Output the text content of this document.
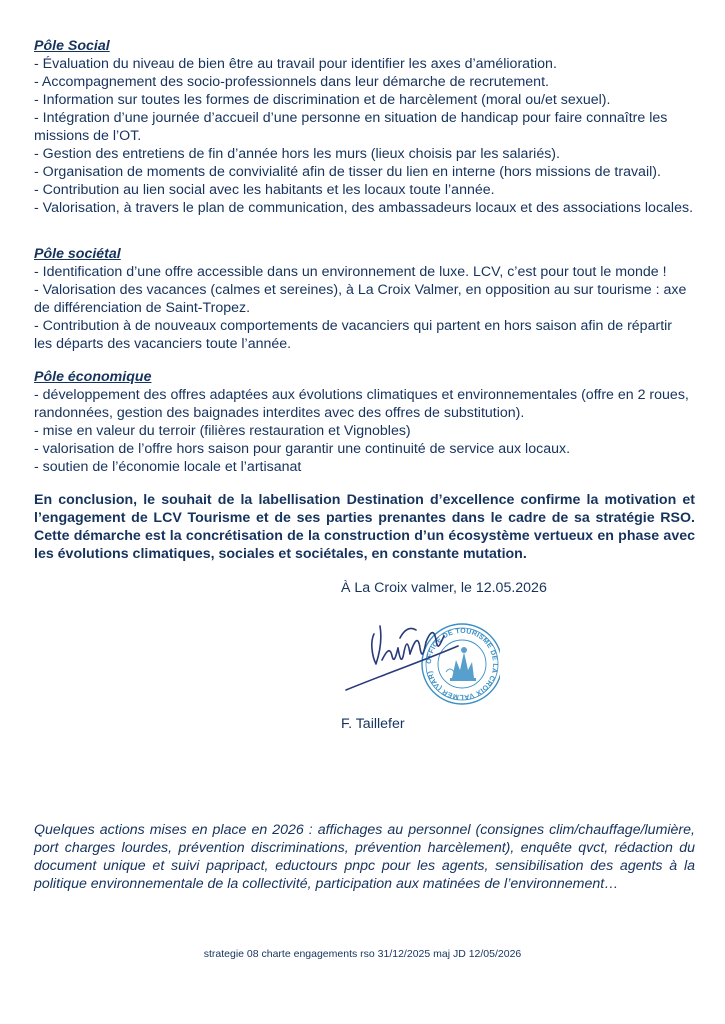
Pôle Social

- Évaluation du niveau de bien être au travail pour identifier les axes d’amélioration.

- Accompagnement des socio-professionnels dans leur démarche de recrutement.

- Information sur toutes les formes de discrimination et de harcèlement (moral ou/et sexuel).

- Intégration d’une journée d’accueil d’une personne en situation de handicap pour faire connaître les missions de l’OT.

- Gestion des entretiens de fin d’année hors les murs (lieux choisis par les salariés).

- Organisation de moments de convivialité afin de tisser du lien en interne (hors missions de travail).

- Contribution au lien social avec les habitants et les locaux toute l’année.

- Valorisation, à travers le plan de communication, des ambassadeurs locaux et des associations locales.

Pôle sociétal

- Identification d’une offre accessible dans un environnement de luxe. LCV, c’est pour tout le monde !

- Valorisation des vacances (calmes et sereines), à La Croix Valmer, en opposition au sur tourisme : axe de différenciation de Saint-Tropez.

- Contribution à de nouveaux comportements de vacanciers qui partent en hors saison afin de répartir les départs des vacanciers toute l’année.

Pôle économique

- développement des offres adaptées aux évolutions climatiques et environnementales (offre en 2 roues, randonnées, gestion des baignades interdites avec des offres de substitution).

- mise en valeur du terroir (filières restauration et Vignobles)

- valorisation de l’offre hors saison pour garantir une continuité de service aux locaux.

- soutien de l’économie locale et l’artisanat

En conclusion, le souhait de la labellisation Destination d’excellence confirme la motivation et l’engagement de LCV Tourisme et de ses parties prenantes dans le cadre de sa stratégie RSO. Cette démarche est la concrétisation de la construction d’un écosystème vertueux en phase avec les évolutions climatiques, sociales et sociétales, en constante mutation.

À La Croix valmer, le 12.05.2026

OFFICE DE TOURISME DE LA CROIX VALMER (VAR)

F. Taillefer

Quelques actions mises en place en 2026 : affichages au personnel (consignes clim/chauffage/lumière, port charges lourdes, prévention discriminations, prévention harcèlement), enquête qvct, rédaction du document unique et suivi papripact, eductours pnpc pour les agents, sensibilisation des agents à la politique environnementale de la collectivité, participation aux matinées de l’environnement…

strategie 08 charte engagements rso 31/12/2025 maj JD 12/05/2026
